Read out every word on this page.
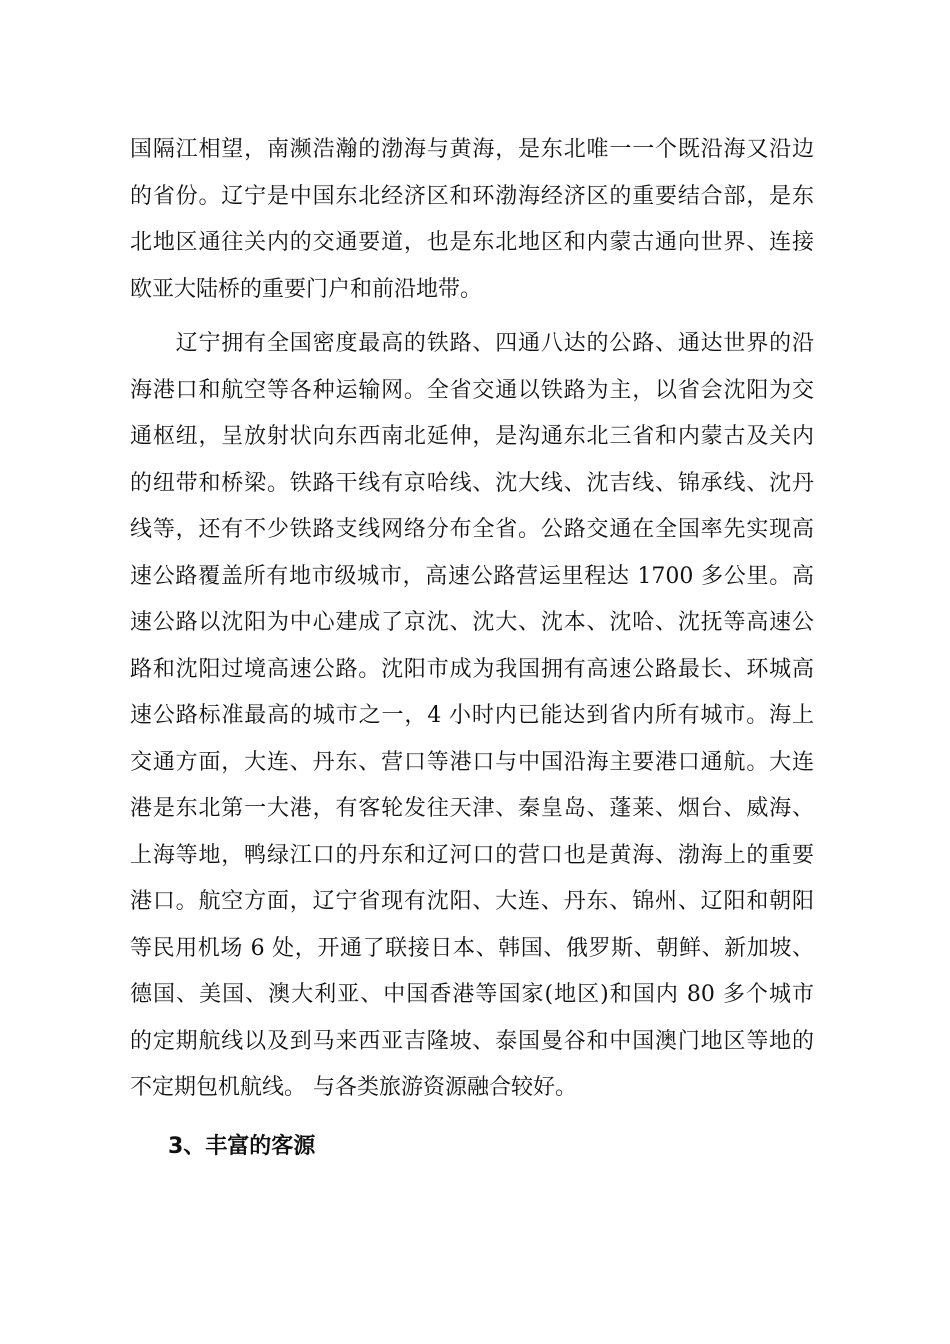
国隔江相望，南濒浩瀚的渤海与黄海，是东北唯一一个既沿海又沿边
的省份。辽宁是中国东北经济区和环渤海经济区的重要结合部，是东
北地区通往关内的交通要道，也是东北地区和内蒙古通向世界、连接
欧亚大陆桥的重要门户和前沿地带。
　　辽宁拥有全国密度最高的铁路、四通八达的公路、通达世界的沿
海港口和航空等各种运输网。全省交通以铁路为主，以省会沈阳为交
通枢纽，呈放射状向东西南北延伸，是沟通东北三省和内蒙古及关内
的纽带和桥梁。铁路干线有京哈线、沈大线、沈吉线、锦承线、沈丹
线等，还有不少铁路支线网络分布全省。公路交通在全国率先实现高
速公路覆盖所有地市级城市，高速公路营运里程达 1700 多公里。高
速公路以沈阳为中心建成了京沈、沈大、沈本、沈哈、沈抚等高速公
路和沈阳过境高速公路。沈阳市成为我国拥有高速公路最长、环城高
速公路标准最高的城市之一，4 小时内已能达到省内所有城市。海上
交通方面，大连、丹东、营口等港口与中国沿海主要港口通航。大连
港是东北第一大港，有客轮发往天津、秦皇岛、蓬莱、烟台、威海、
上海等地，鸭绿江口的丹东和辽河口的营口也是黄海、渤海上的重要
港口。航空方面，辽宁省现有沈阳、大连、丹东、锦州、辽阳和朝阳
等民用机场 6 处，开通了联接日本、韩国、俄罗斯、朝鲜、新加坡、
德国、美国、澳大利亚、中国香港等国家(地区)和国内 80 多个城市
的定期航线以及到马来西亚吉隆坡、泰国曼谷和中国澳门地区等地的
不定期包机航线。 与各类旅游资源融合较好。
3、丰富的客源
